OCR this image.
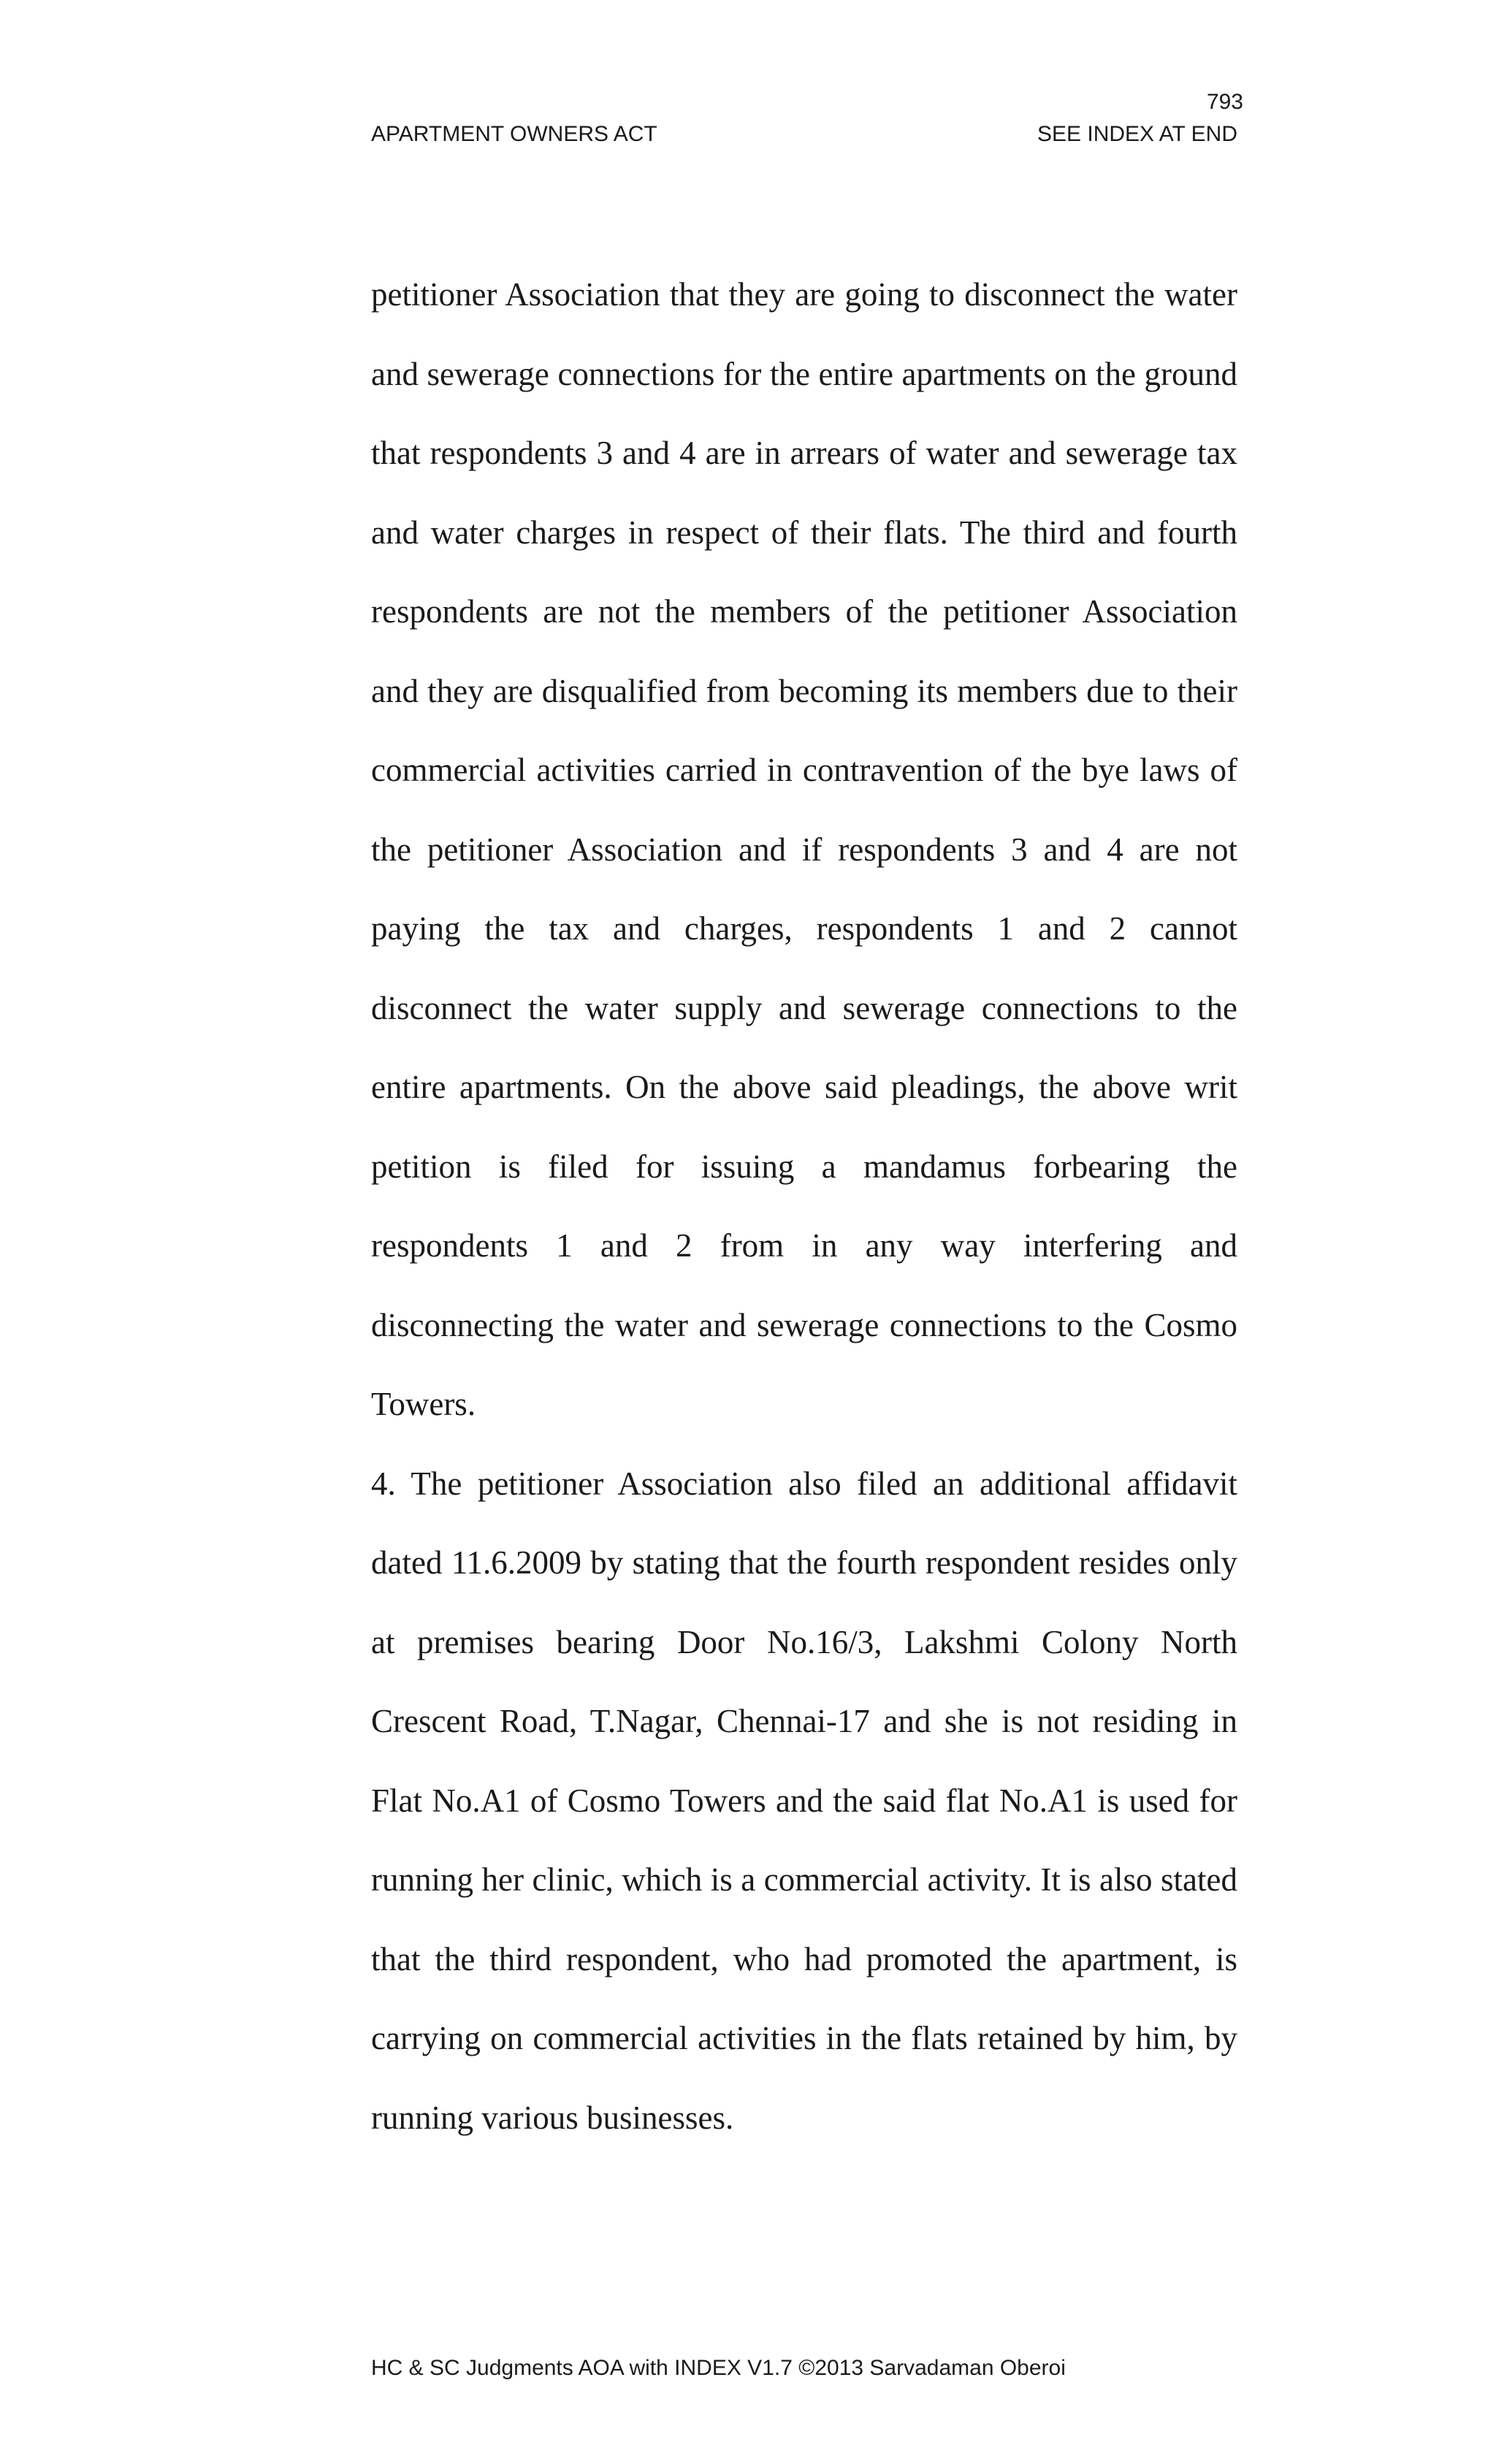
793
APARTMENT OWNERS ACT	SEE INDEX AT END

petitioner Association that they are going to disconnect the water and sewerage connections for the entire apartments on the ground that respondents 3 and 4 are in arrears of water and sewerage tax and water charges in respect of their flats. The third and fourth respondents are not the members of the petitioner Association and they are disqualified from becoming its members due to their commercial activities carried in contravention of the bye laws of the petitioner Association and if respondents 3 and 4 are not paying the tax and charges, respondents 1 and 2 cannot disconnect the water supply and sewerage connections to the entire apartments. On the above said pleadings, the above writ petition is filed for issuing a mandamus forbearing the respondents 1 and 2 from in any way interfering and disconnecting the water and sewerage connections to the Cosmo Towers.

4. The petitioner Association also filed an additional affidavit dated 11.6.2009 by stating that the fourth respondent resides only at premises bearing Door No.16/3, Lakshmi Colony North Crescent Road, T.Nagar, Chennai-17 and she is not residing in Flat No.A1 of Cosmo Towers and the said flat No.A1 is used for running her clinic, which is a commercial activity. It is also stated that the third respondent, who had promoted the apartment, is carrying on commercial activities in the flats retained by him, by running various businesses.

HC & SC Judgments AOA with INDEX V1.7 ©2013 Sarvadaman Oberoi
